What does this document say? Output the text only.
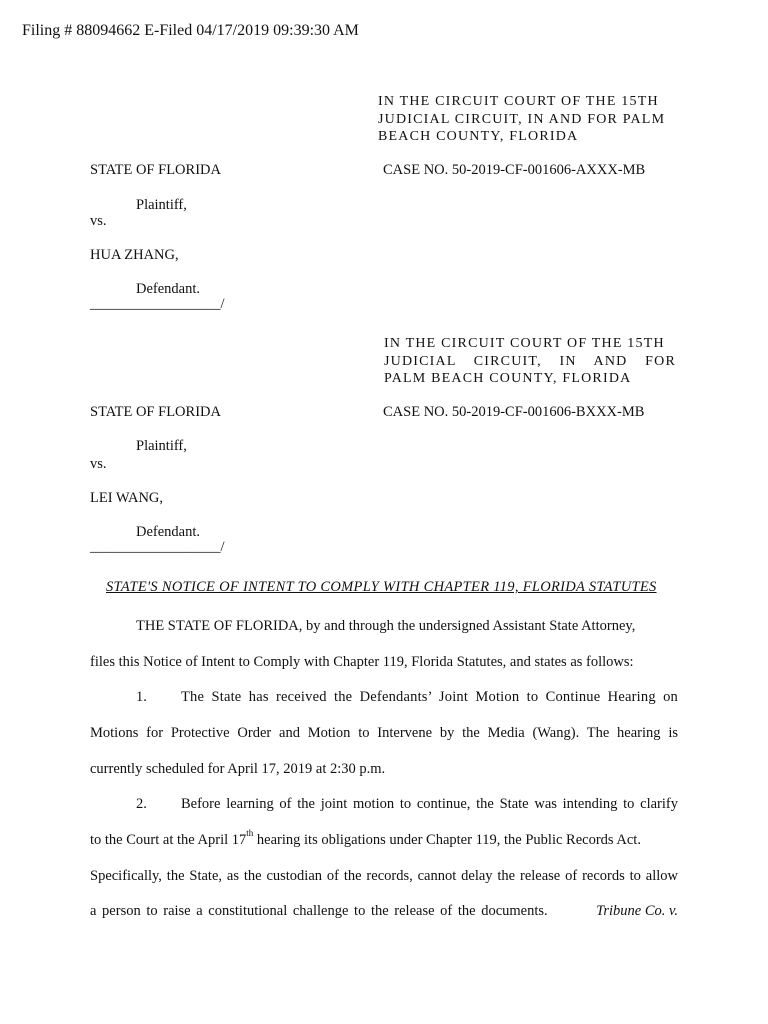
Filing # 88094662 E-Filed 04/17/2019 09:39:30 AM
IN THE CIRCUIT COURT OF THE 15TH
JUDICIAL CIRCUIT, IN AND FOR PALM
BEACH COUNTY, FLORIDA
STATE OF FLORIDA	CASE NO. 50-2019-CF-001606-AXXX-MB
Plaintiff,
vs.
HUA ZHANG,
Defendant.
__________________/
IN THE CIRCUIT COURT OF THE 15TH
JUDICIAL CIRCUIT, IN AND FOR
PALM BEACH COUNTY, FLORIDA
STATE OF FLORIDA	CASE NO. 50-2019-CF-001606-BXXX-MB
Plaintiff,
vs.
LEI WANG,
Defendant.
__________________/
STATE'S NOTICE OF INTENT TO COMPLY WITH CHAPTER 119, FLORIDA STATUTES
THE STATE OF FLORIDA, by and through the undersigned Assistant State Attorney,
files this Notice of Intent to Comply with Chapter 119, Florida Statutes, and states as follows:
1. The State has received the Defendants’ Joint Motion to Continue Hearing on
Motions for Protective Order and Motion to Intervene by the Media (Wang). The hearing is
currently scheduled for April 17, 2019 at 2:30 p.m.
2. Before learning of the joint motion to continue, the State was intending to clarify
to the Court at the April 17th hearing its obligations under Chapter 119, the Public Records Act.
Specifically, the State, as the custodian of the records, cannot delay the release of records to allow
a person to raise a constitutional challenge to the release of the documents.	Tribune Co. v.
